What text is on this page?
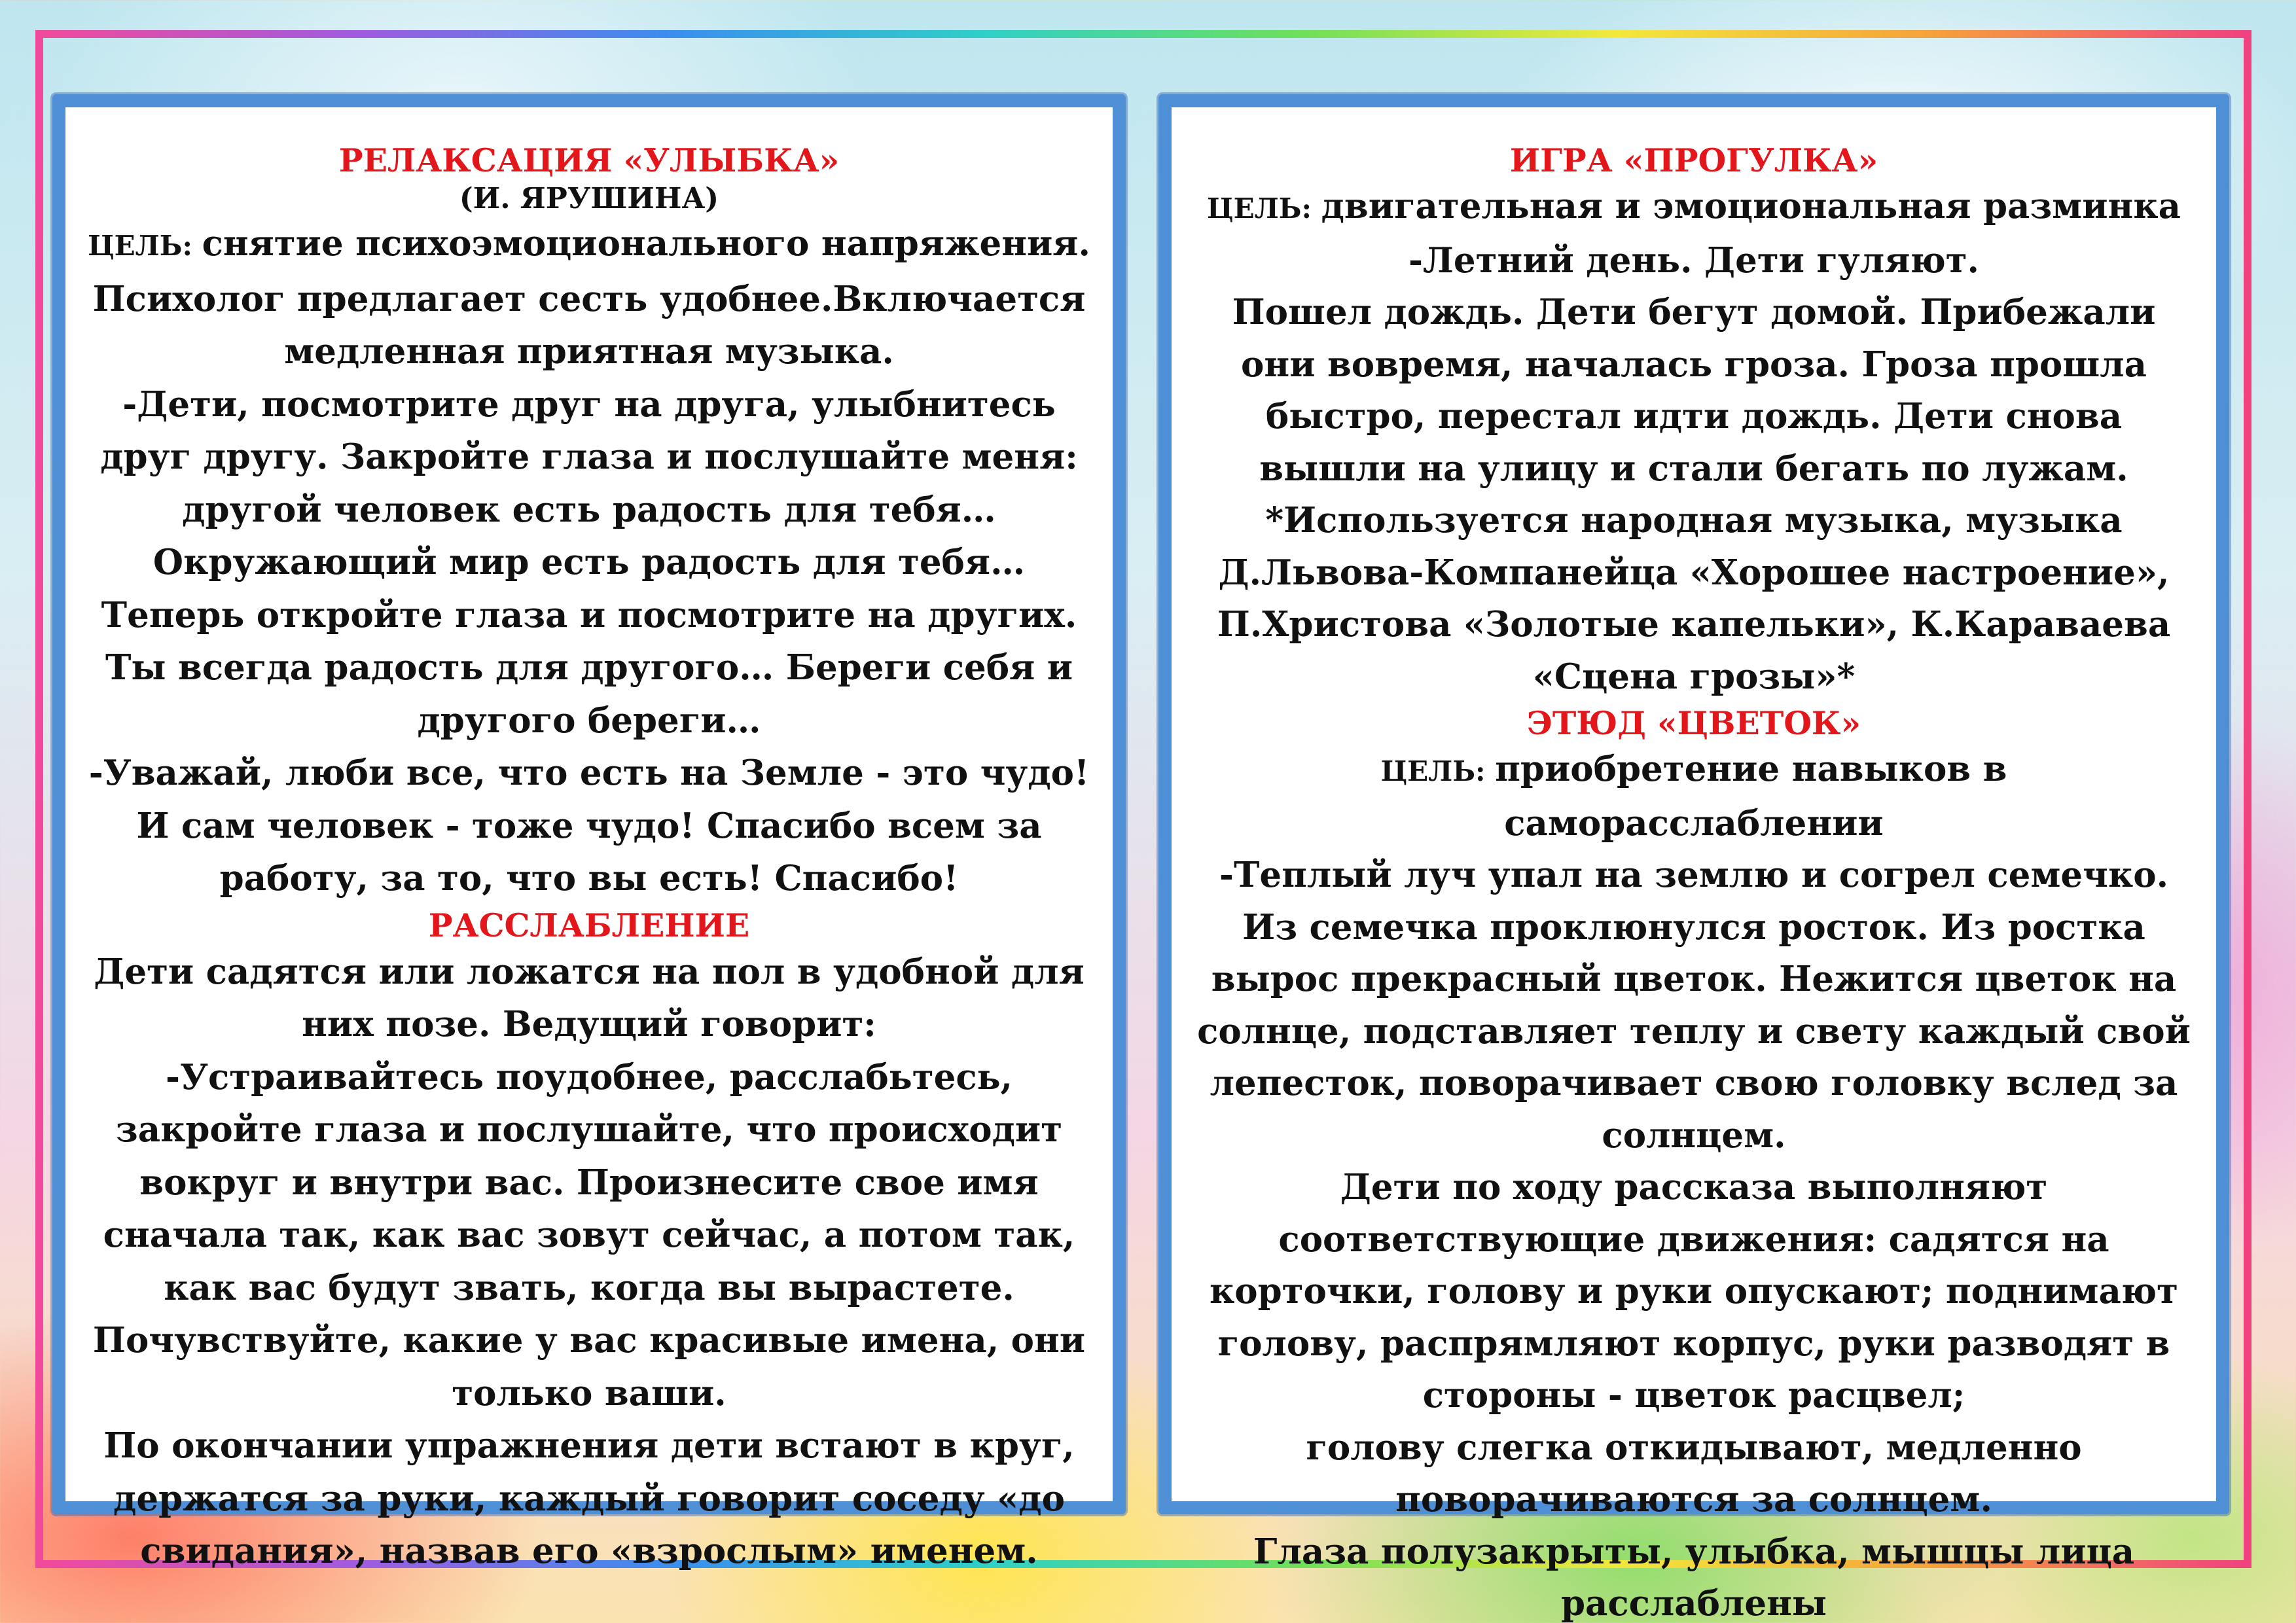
РЕЛАКСАЦИЯ «УЛЫБКА»

(И. ЯРУШИНА)

ЦЕЛЬ: снятие психоэмоционального напряжения.

Психолог предлагает сесть удобнее.Включается медленная приятная музыка.

-Дети, посмотрите друг на друга, улыбнитесь друг другу. Закройте глаза и послушайте меня: другой человек есть радость для тебя… Окружающий мир есть радость для тебя… Теперь откройте глаза и посмотрите на других. Ты всегда радость для другого… Береги себя и другого береги…

-Уважай, люби все, что есть на Земле - это чудо! И сам человек - тоже чудо! Спасибо всем за работу, за то, что вы есть! Спасибо!

РАССЛАБЛЕНИЕ

Дети садятся или ложатся на пол в удобной для них позе. Ведущий говорит:

-Устраивайтесь поудобнее, расслабьтесь, закройте глаза и послушайте, что происходит вокруг и внутри вас. Произнесите свое имя сначала так, как вас зовут сейчас, а потом так, как вас будут звать, когда вы вырастете. Почувствуйте, какие у вас красивые имена, они только ваши.

По окончании упражнения дети встают в круг, держатся за руки, каждый говорит соседу «до свидания», назвав его «взрослым» именем.

ИГРА «ПРОГУЛКА»

ЦЕЛЬ: двигательная и эмоциональная разминка

-Летний день. Дети гуляют.

Пошел дождь. Дети бегут домой. Прибежали они вовремя, началась гроза. Гроза прошла быстро, перестал идти дождь. Дети снова вышли на улицу и стали бегать по лужам.

*Используется народная музыка, музыка Д.Львова-Компанейца «Хорошее настроение», П.Христова «Золотые капельки», К.Караваева «Сцена грозы»*

ЭТЮД «ЦВЕТОК»

ЦЕЛЬ: приобретение навыков в саморасслаблении

-Теплый луч упал на землю и согрел семечко. Из семечка проклюнулся росток. Из ростка вырос прекрасный цветок. Нежится цветок на солнце, подставляет теплу и свету каждый свой лепесток, поворачивает свою головку вслед за солнцем.

Дети по ходу рассказа выполняют соответствующие движения: садятся на корточки, голову и руки опускают; поднимают голову, распрямляют корпус, руки разводят в стороны - цветок расцвел;

голову слегка откидывают, медленно поворачиваются за солнцем.

Глаза полузакрыты, улыбка, мышцы лица расслаблены
